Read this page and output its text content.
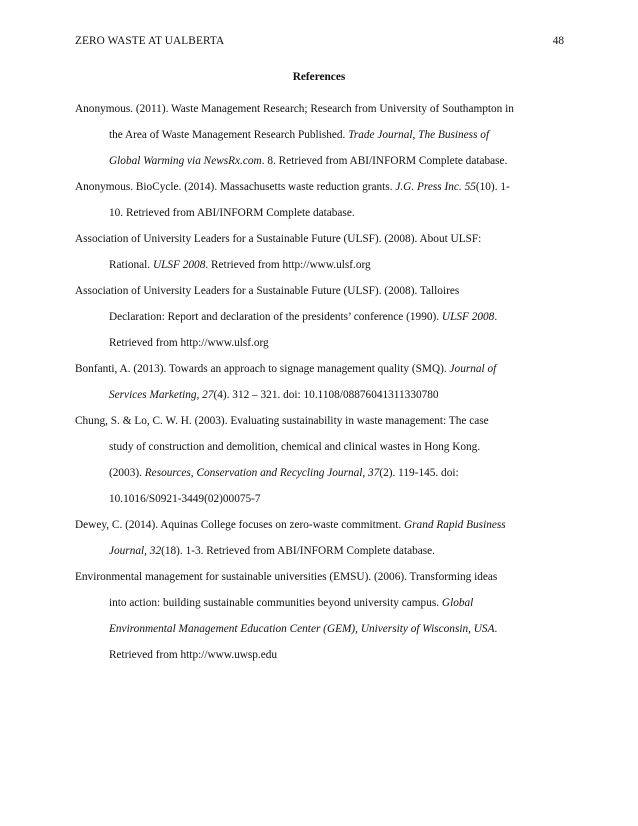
ZERO WASTE AT UALBERTA	48
References

Anonymous. (2011). Waste Management Research; Research from University of Southampton in
the Area of Waste Management Research Published. Trade Journal, The Business of
Global Warming via NewsRx.com. 8. Retrieved from ABI/INFORM Complete database.

Anonymous. BioCycle. (2014). Massachusetts waste reduction grants. J.G. Press Inc. 55(10). 1-
10. Retrieved from ABI/INFORM Complete database.

Association of University Leaders for a Sustainable Future (ULSF). (2008). About ULSF:
Rational. ULSF 2008. Retrieved from http://www.ulsf.org

Association of University Leaders for a Sustainable Future (ULSF). (2008). Talloires
Declaration: Report and declaration of the presidents’ conference (1990). ULSF 2008.
Retrieved from http://www.ulsf.org

Bonfanti, A. (2013). Towards an approach to signage management quality (SMQ). Journal of
Services Marketing, 27(4). 312 – 321. doi: 10.1108/08876041311330780

Chung, S. & Lo, C. W. H. (2003). Evaluating sustainability in waste management: The case
study of construction and demolition, chemical and clinical wastes in Hong Kong.
(2003). Resources, Conservation and Recycling Journal, 37(2). 119-145. doi:
10.1016/S0921-3449(02)00075-7

Dewey, C. (2014). Aquinas College focuses on zero-waste commitment. Grand Rapid Business
Journal, 32(18). 1-3. Retrieved from ABI/INFORM Complete database.

Environmental management for sustainable universities (EMSU). (2006). Transforming ideas
into action: building sustainable communities beyond university campus. Global
Environmental Management Education Center (GEM), University of Wisconsin, USA.
Retrieved from http://www.uwsp.edu
